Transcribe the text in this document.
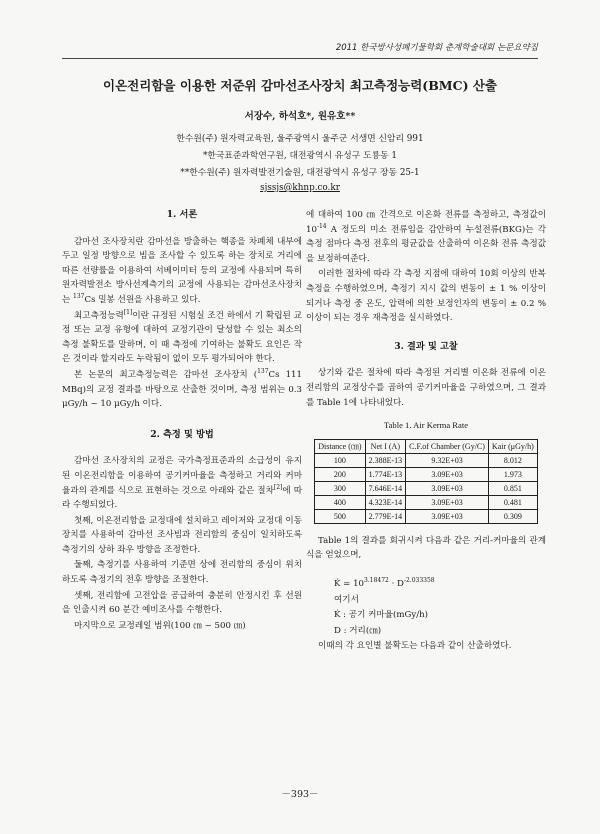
2011 한국방사성폐기물학회 춘계학술대회 논문요약집
이온전리함을 이용한 저준위 감마선조사장치 최고측정능력(BMC) 산출
서장수, 하석호*, 원유호**
한수원(주) 원자력교육원, 울주광역시 울주군 서생면 신암리 991
*한국표준과학연구원, 대전광역시 유성구 도룡동 1
**한수원(주) 원자력발전기술원, 대전광역시 유성구 장동 25-1
sjssjs@khnp.co.kr

1. 서론

감마선 조사장치란 감마선을 방출하는 핵종을 차폐체 내부에 두고 일정 방향으로 빔을 조사할 수 있도록 하는 장치로 거리에 따른 선량률을 이용하여 서베이미터 등의 교정에 사용되며 특히 원자력발전소 방사선계측기의 교정에 사용되는 감마선조사장치는 $^{137}$Cs 밀봉 선원을 사용하고 있다.

최고측정능력[1]이란 규정된 시험실 조건 하에서 기 확립된 교정 또는 교정 유형에 대하여 교정기관이 달성할 수 있는 최소의 측정 불확도를 말하며, 이 때 측정에 기여하는 불확도 요인은 작은 것이라 할지라도 누락됨이 없이 모두 평가되어야 한다.

본 논문의 최고측정능력은 감마선 조사장치 ($^{137}$Cs 111 MBq)의 교정 결과를 바탕으로 산출한 것이며, 측정 범위는 0.3 μGy/h ~ 10 μGy/h 이다.

2. 측정 및 방법

감마선 조사장치의 교정은 국가측정표준과의 소급성이 유지된 이온전리함을 이용하여 공기커마율을 측정하고 거리와 커마율과의 관계를 식으로 표현하는 것으로 아래와 같은 절차[2]에 따라 수행되었다.

첫째, 이온전리함을 교정대에 설치하고 레이저와 교정대 이동장치를 사용하여 감마선 조사빔과 전리함의 중심이 일치하도록 측정기의 상하 좌우 방향을 조정한다.

둘째, 측정기를 사용하여 기준면 상에 전리함의 중심이 위치하도록 측정기의 전후 방향을 조절한다.

셋째, 전리함에 고전압을 공급하여 충분히 안정시킨 후 선원을 인출시켜 60 분간 예비조사를 수행한다.

마지막으로 교정레일 범위(100 ㎝ ~ 500 ㎝)

에 대하여 100 ㎝ 간격으로 이온화 전류를 측정하고, 측정값이 $10^{-14}$ A 정도의 미소 전류임을 감안하여 누설전류(BKG)는 각 측정 점마다 측정 전후의 평균값을 산출하여 이온화 전류 측정값을 보정하여준다.

이러한 절차에 따라 각 측정 지점에 대하여 10회 이상의 반복 측정을 수행하였으며, 측정기 지시 값의 변동이 ± 1 % 이상이 되거나 측정 중 온도, 압력에 의한 보정인자의 변동이 ± 0.2 % 이상이 되는 경우 재측정을 실시하였다.

3. 결과 및 고찰

상기와 같은 절차에 따라 측정된 거리별 이온화 전류에 이온전리함의 교정상수를 곱하여 공기커마율을 구하였으며, 그 결과를 Table 1에 나타내었다.

Table 1. Air Kerma Rate

Distance (㎝)	Net I (A)	C.F.of Chamber (Gy/C)	Kair (μGy/h)
100	2.388E-13	9.32E+03	8.012
200	1.774E-13	3.09E+03	1.973
300	7.646E-14	3.09E+03	0.851
400	4.323E-14	3.09E+03	0.481
500	2.779E-14	3.09E+03	0.309

Table 1의 결과를 회귀시켜 다음과 같은 거리-커마율의 관계식을 얻었으며,

K̇ = $10^{3.18472} \cdot D^{-2.033358}$

여기서

K̇ : 공기 커마율(mGy/h)

D : 거리(㎝)

이때의 각 요인별 불확도는 다음과 같이 산출하였다.

－393－
